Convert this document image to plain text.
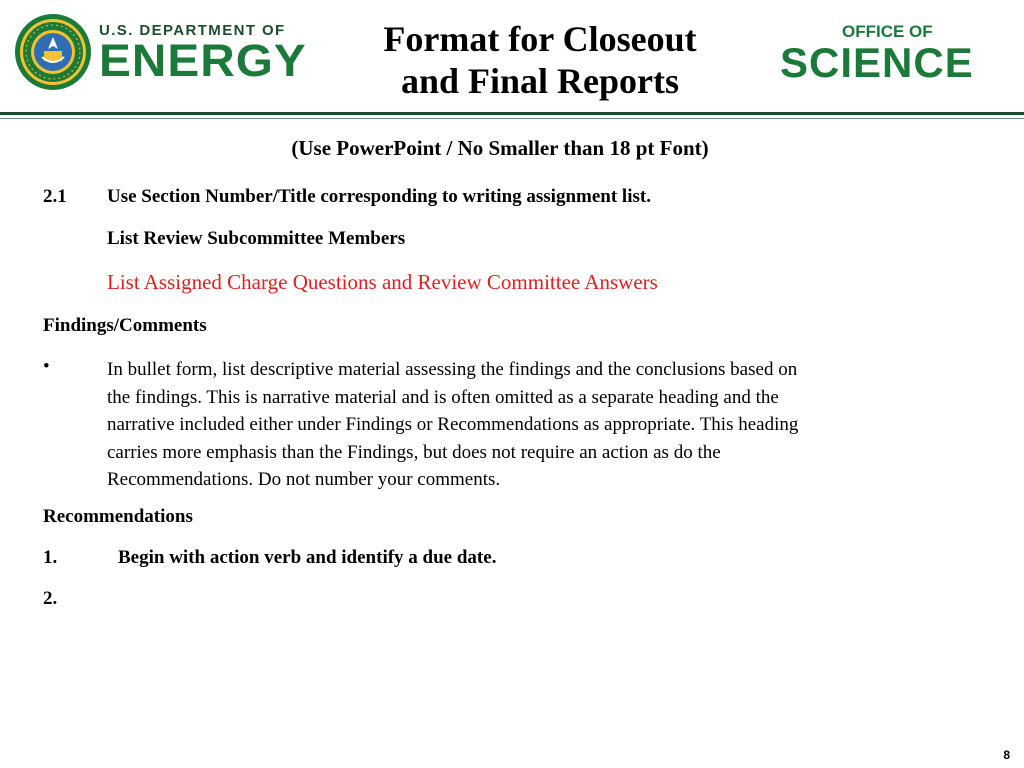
U.S. DEPARTMENT OF
ENERGY	Format for Closeout
and Final Reports
OFFICE OF
SCIENCE
(Use PowerPoint / No Smaller than 18 pt Font)
2.1 Use Section Number/Title corresponding to writing assignment list.
List Review Subcommittee Members
List Assigned Charge Questions and Review Committee Answers
Findings/Comments
•	In bullet form, list descriptive material assessing the findings and the conclusions based on
the findings. This is narrative material and is often omitted as a separate heading and the
narrative included either under Findings or Recommendations as appropriate. This heading
carries more emphasis than the Findings, but does not require an action as do the
Recommendations. Do not number your comments.
Recommendations
1.	Begin with action verb and identify a due date.
2.
8
